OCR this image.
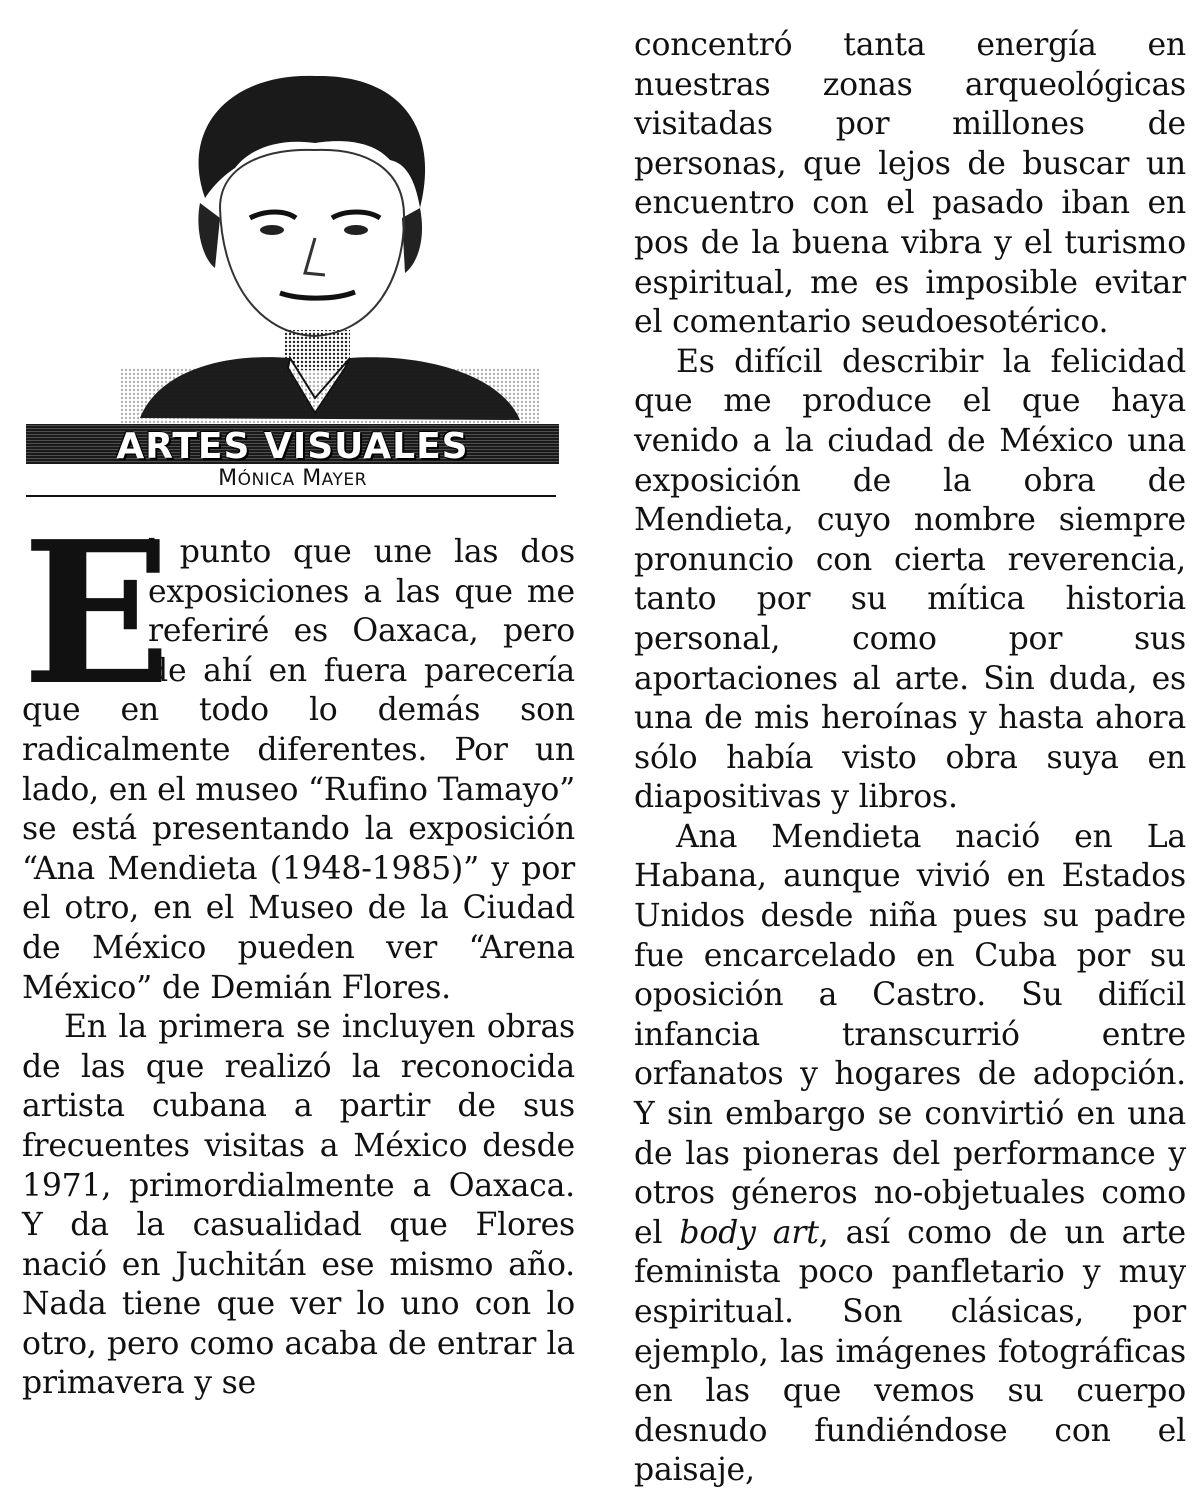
ARTES VISUALES
MÓNICA MAYER

E
l punto que une las dos exposiciones a las que me referiré es Oaxaca, pero de ahí en fuera parecería que en todo lo demás son radicalmente diferentes. Por un lado, en el museo “Rufino Tamayo” se está presentando la exposición “Ana Mendieta (1948-1985)” y por el otro, en el Museo de la Ciudad de México pueden ver “Arena México” de Demián Flores.

En la primera se incluyen obras de las que realizó la reconocida artista cubana a partir de sus frecuentes visitas a México desde 1971, primordialmente a Oaxaca. Y da la casualidad que Flores nació en Juchitán ese mismo año. Nada tiene que ver lo uno con lo otro, pero como acaba de entrar la primavera y se

concentró tanta energía en nuestras zonas arqueológicas visitadas por millones de personas, que lejos de buscar un encuentro con el pasado iban en pos de la buena vibra y el turismo espiritual, me es imposible evitar el comentario seudoesotérico.

Es difícil describir la felicidad que me produce el que haya venido a la ciudad de México una exposición de la obra de Mendieta, cuyo nombre siempre pronuncio con cierta reverencia, tanto por su mítica historia personal, como por sus aportaciones al arte. Sin duda, es una de mis heroínas y hasta ahora sólo había visto obra suya en diapositivas y libros.

Ana Mendieta nació en La Habana, aunque vivió en Estados Unidos desde niña pues su padre fue encarcelado en Cuba por su oposición a Castro. Su difícil infancia transcurrió entre orfanatos y hogares de adopción. Y sin embargo se convirtió en una de las pioneras del performance y otros géneros no-objetuales como el body art, así como de un arte feminista poco panfletario y muy espiritual. Son clásicas, por ejemplo, las imágenes fotográficas en las que vemos su cuerpo desnudo fundiéndose con el paisaje,
